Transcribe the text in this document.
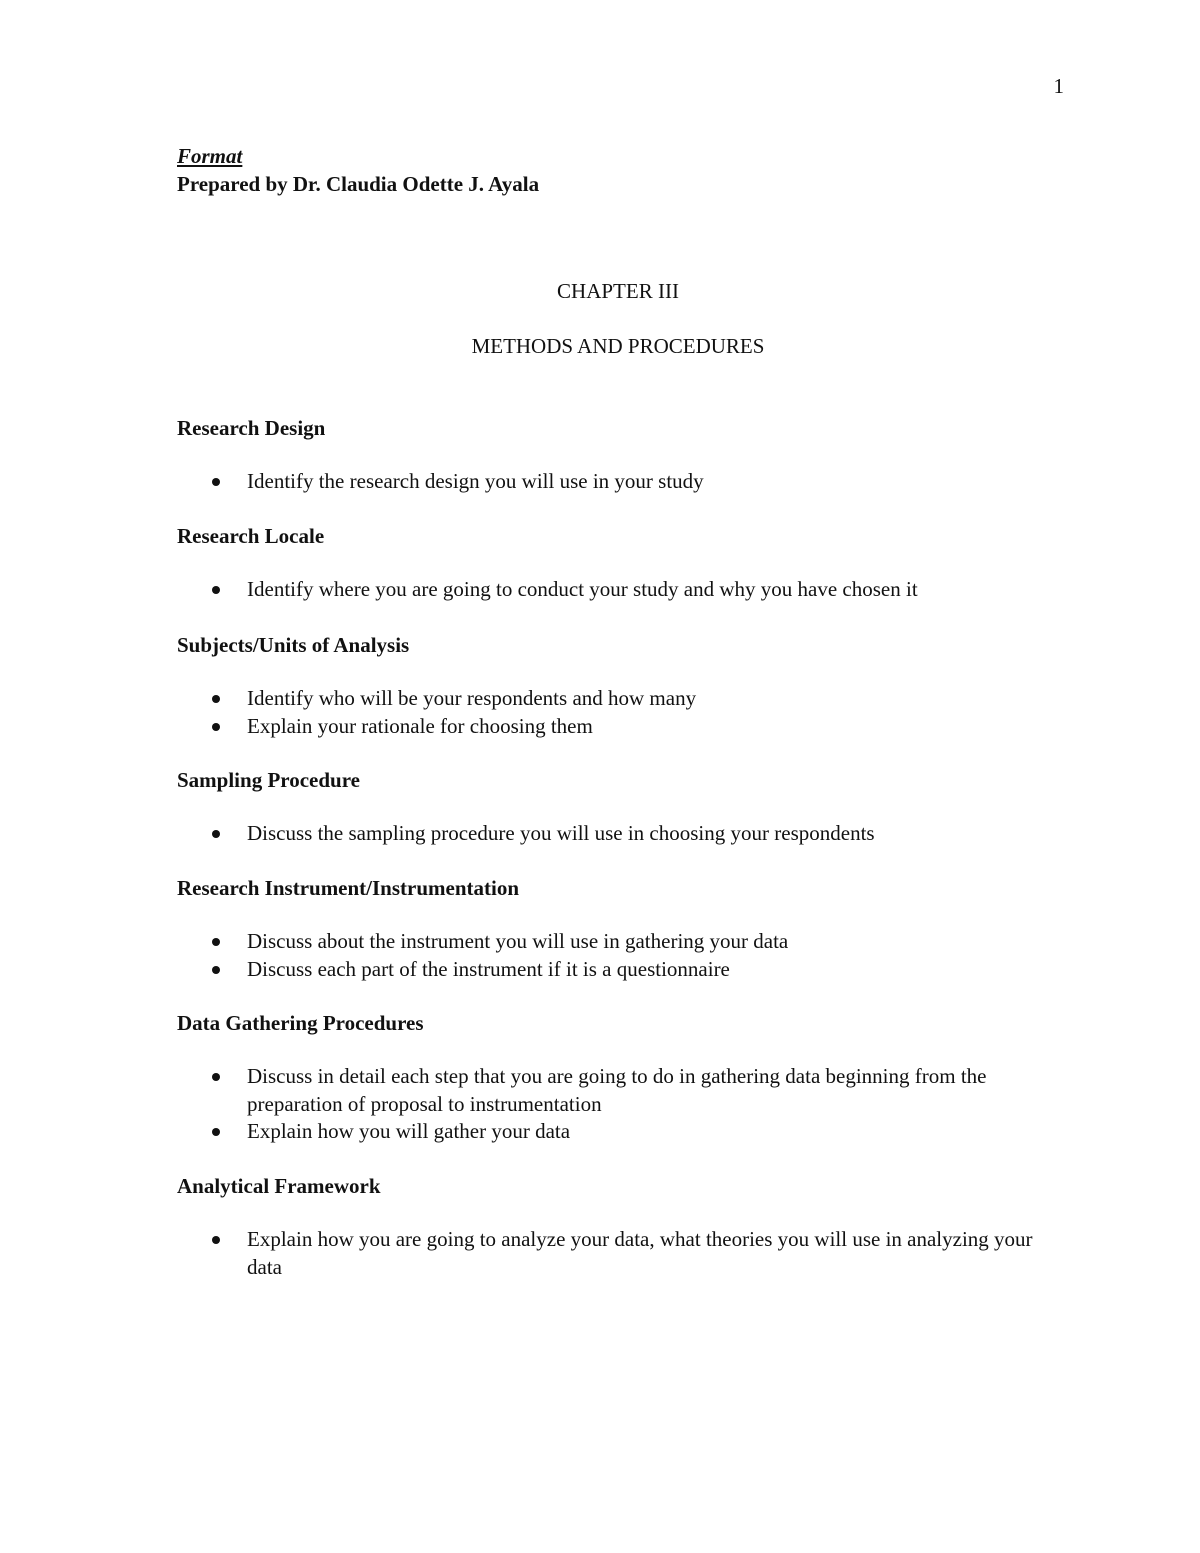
1
Format
Prepared by Dr. Claudia Odette J. Ayala
CHAPTER III
METHODS AND PROCEDURES

Research Design

Identify the research design you will use in your study

Research Locale

Identify where you are going to conduct your study and why you have chosen it

Subjects/Units of Analysis

Identify who will be your respondents and how many
Explain your rationale for choosing them

Sampling Procedure

Discuss the sampling procedure you will use in choosing your respondents

Research Instrument/Instrumentation

Discuss about the instrument you will use in gathering your data
Discuss each part of the instrument if it is a questionnaire

Data Gathering Procedures

Discuss in detail each step that you are going to do in gathering data beginning from the preparation of proposal to instrumentation
Explain how you will gather your data

Analytical Framework

Explain how you are going to analyze your data, what theories you will use in analyzing your data
